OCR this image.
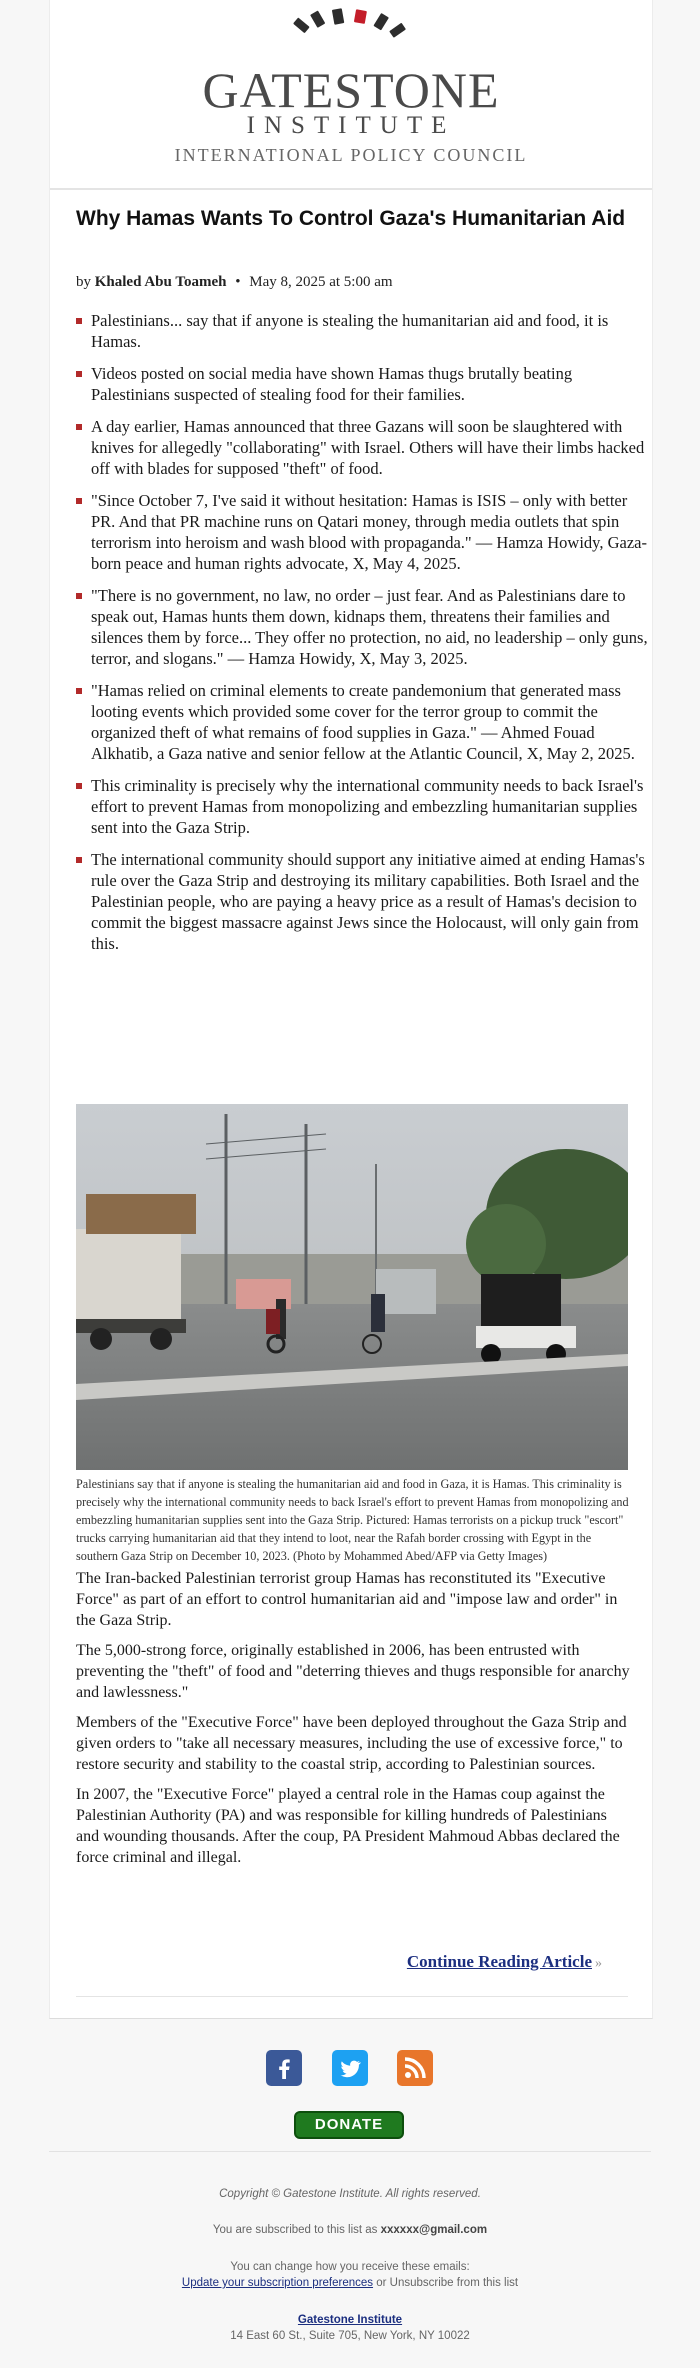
GATESTONE
INSTITUTE
INTERNATIONAL POLICY COUNCIL
Why Hamas Wants To Control Gaza's Humanitarian Aid
by Khaled Abu Toameh • May 8, 2025 at 5:00 am
Palestinians... say that if anyone is stealing the humanitarian aid and food, it is Hamas.
Videos posted on social media have shown Hamas thugs brutally beating Palestinians suspected of stealing food for their families.
A day earlier, Hamas announced that three Gazans will soon be slaughtered with knives for allegedly "collaborating" with Israel. Others will have their limbs hacked off with blades for supposed "theft" of food.
"Since October 7, I've said it without hesitation: Hamas is ISIS – only with better PR. And that PR machine runs on Qatari money, through media outlets that spin terrorism into heroism and wash blood with propaganda." — Hamza Howidy, Gaza-born peace and human rights advocate, X, May 4, 2025.
"There is no government, no law, no order – just fear. And as Palestinians dare to speak out, Hamas hunts them down, kidnaps them, threatens their families and silences them by force... They offer no protection, no aid, no leadership – only guns, terror, and slogans." — Hamza Howidy, X, May 3, 2025.
"Hamas relied on criminal elements to create pandemonium that generated mass looting events which provided some cover for the terror group to commit the organized theft of what remains of food supplies in Gaza." — Ahmed Fouad Alkhatib, a Gaza native and senior fellow at the Atlantic Council, X, May 2, 2025.
This criminality is precisely why the international community needs to back Israel's effort to prevent Hamas from monopolizing and embezzling humanitarian supplies sent into the Gaza Strip.
The international community should support any initiative aimed at ending Hamas's rule over the Gaza Strip and destroying its military capabilities. Both Israel and the Palestinian people, who are paying a heavy price as a result of Hamas's decision to commit the biggest massacre against Jews since the Holocaust, will only gain from this.
Palestinians say that if anyone is stealing the humanitarian aid and food in Gaza, it is Hamas. This criminality is precisely why the international community needs to back Israel's effort to prevent Hamas from monopolizing and embezzling humanitarian supplies sent into the Gaza Strip. Pictured: Hamas terrorists on a pickup truck "escort" trucks carrying humanitarian aid that they intend to loot, near the Rafah border crossing with Egypt in the southern Gaza Strip on December 10, 2023. (Photo by Mohammed Abed/AFP via Getty Images)

The Iran-backed Palestinian terrorist group Hamas has reconstituted its "Executive Force" as part of an effort to control humanitarian aid and "impose law and order" in the Gaza Strip.

The 5,000-strong force, originally established in 2006, has been entrusted with preventing the "theft" of food and "deterring thieves and thugs responsible for anarchy and lawlessness."

Members of the "Executive Force" have been deployed throughout the Gaza Strip and given orders to "take all necessary measures, including the use of excessive force," to restore security and stability to the coastal strip, according to Palestinian sources.

In 2007, the "Executive Force" played a central role in the Hamas coup against the Palestinian Authority (PA) and was responsible for killing hundreds of Palestinians and wounding thousands. After the coup, PA President Mahmoud Abbas declared the force criminal and illegal.

Continue Reading Article »
DONATE
Copyright © Gatestone Institute. All rights reserved.
You are subscribed to this list as xxxxxx@gmail.com
You can change how you receive these emails:
Update your subscription preferences or Unsubscribe from this list
Gatestone Institute
14 East 60 St., Suite 705, New York, NY 10022
